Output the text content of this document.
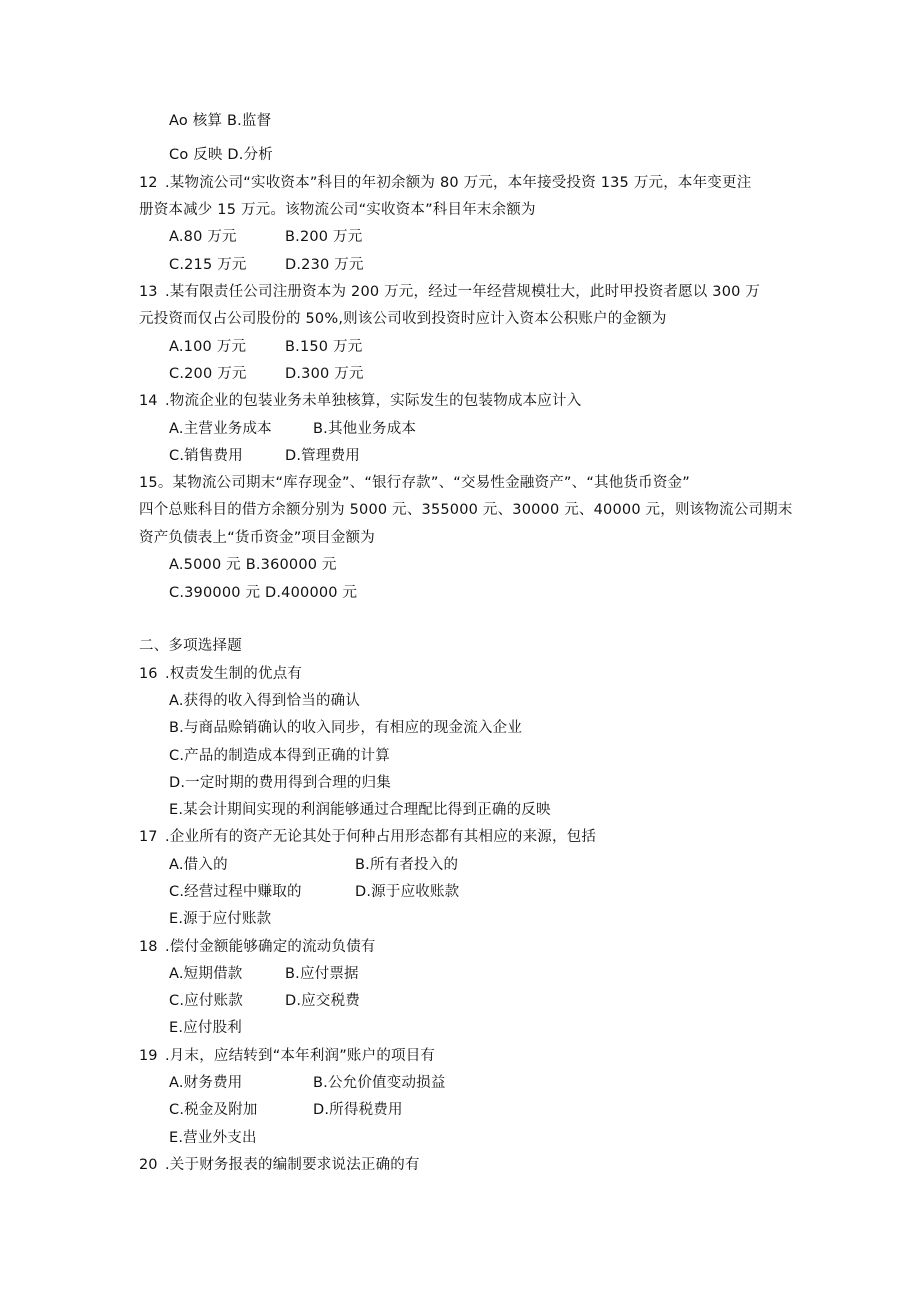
Ao 核算 B.监督
Co 反映 D.分析
12 .某物流公司“实收资本”科目的年初余额为 80 万元，本年接受投资 135 万元，本年变更注
册资本减少 15 万元。该物流公司“实收资本”科目年末余额为
A.80 万元	B.200 万元
C.215 万元	D.230 万元
13 .某有限责任公司注册资本为 200 万元，经过一年经营规模壮大，此时甲投资者愿以 300 万
元投资而仅占公司股份的 50%,则该公司收到投资时应计入资本公积账户的金额为
A.100 万元	B.150 万元
C.200 万元	D.300 万元
14 .物流企业的包装业务未单独核算，实际发生的包装物成本应计入
A.主营业务成本	B.其他业务成本
C.销售费用	D.管理费用
15。某物流公司期末“库存现金”、“银行存款”、“交易性金融资产”、“其他货币资金”
四个总账科目的借方余额分别为 5000 元、355000 元、30000 元、40000 元，则该物流公司期末
资产负债表上“货币资金”项目金额为
A.5000 元 B.360000 元
C.390000 元 D.400000 元
二、多项选择题
16 .权责发生制的优点有
A.获得的收入得到恰当的确认
B.与商品赊销确认的收入同步，有相应的现金流入企业
C.产品的制造成本得到正确的计算
D.一定时期的费用得到合理的归集
E.某会计期间实现的利润能够通过合理配比得到正确的反映
17 .企业所有的资产无论其处于何种占用形态都有其相应的来源，包括
A.借入的	B.所有者投入的
C.经营过程中赚取的	D.源于应收账款
E.源于应付账款
18 .偿付金额能够确定的流动负债有
A.短期借款	B.应付票据
C.应付账款	D.应交税费
E.应付股利
19 .月末，应结转到“本年利润”账户的项目有
A.财务费用	B.公允价值变动损益
C.税金及附加	D.所得税费用
E.营业外支出
20 .关于财务报表的编制要求说法正确的有
